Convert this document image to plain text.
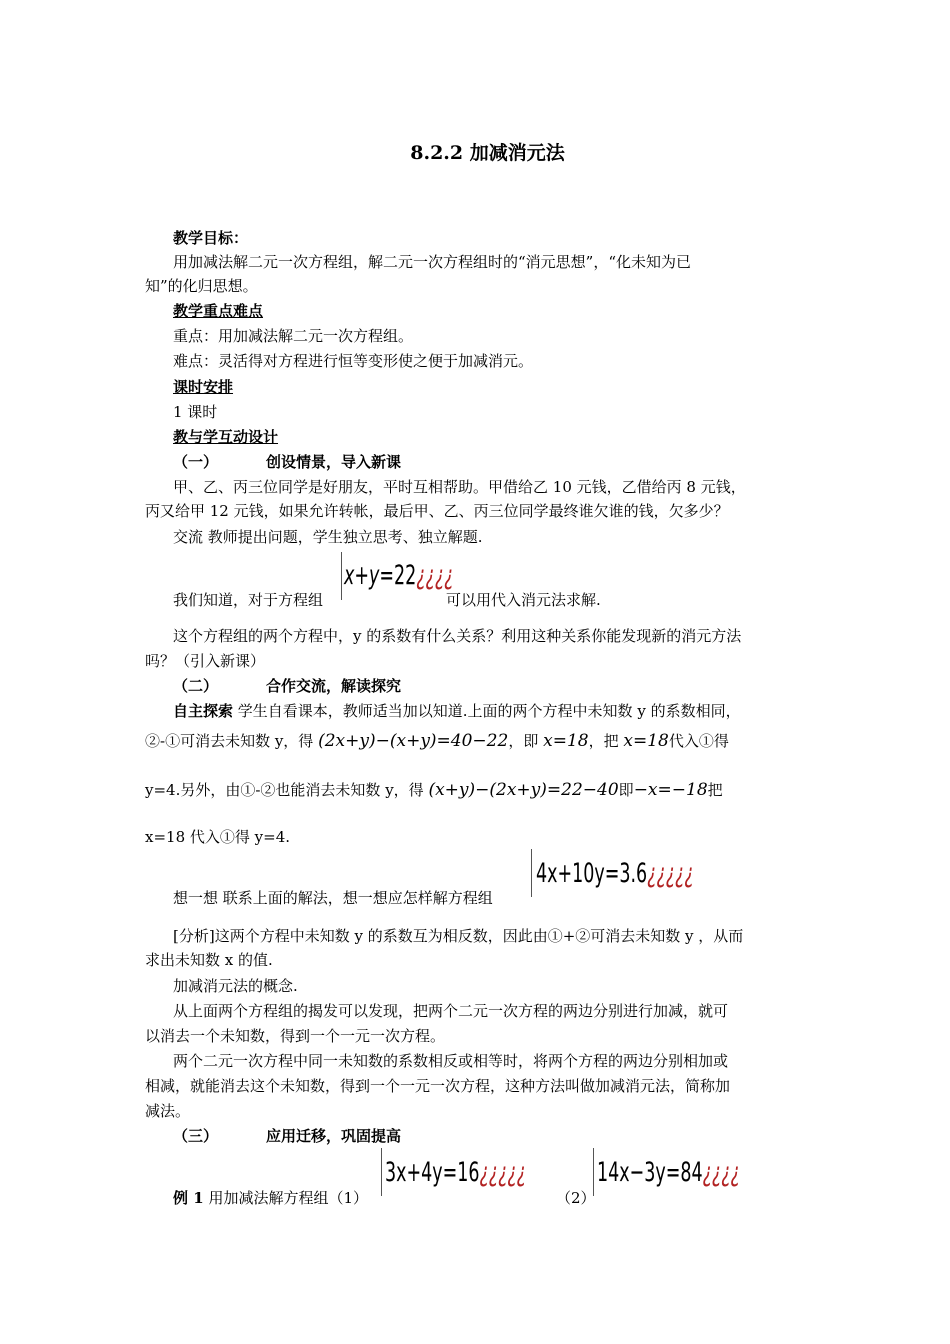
8.2.2 加减消元法
教学目标：
用加减法解二元一次方程组，解二元一次方程组时的“消元思想”，“化未知为已
知”的化归思想。
教学重点难点
重点：用加减法解二元一次方程组。
难点：灵活得对方程进行恒等变形使之便于加减消元。
课时安排
1 课时
教与学互动设计
（一）	创设情景，导入新课
甲、乙、丙三位同学是好朋友，平时互相帮助。甲借给乙 10 元钱，乙借给丙 8 元钱，
丙又给甲 12 元钱，如果允许转帐，最后甲、乙、丙三位同学最终谁欠谁的钱，欠多少？
交流 教师提出问题，学生独立思考、独立解题.
我们知道，对于方程组
x+y=22¿¿¿¿
可以用代入消元法求解.
这个方程组的两个方程中，y 的系数有什么关系？利用这种关系你能发现新的消元方法
吗？（引入新课）
（二）	合作交流，解读探究
自主探索 学生自看课本，教师适当加以知道.上面的两个方程中未知数 y 的系数相同，
②-①可消去未知数 y，得 (2x+y)−(x+y)=40−22，即 x=18，把 x=18代入①得
y=4.另外，由①-②也能消去未知数 y，得 (x+y)−(2x+y)=22−40即−x=−18把
x=18 代入①得 y=4.
想一想 联系上面的解法，想一想应怎样解方程组
4x+10y=3.6¿¿¿¿¿
[分析]这两个方程中未知数 y 的系数互为相反数，因此由①+②可消去未知数 y ，从而
求出未知数 x 的值.
加减消元法的概念.
从上面两个方程组的揭发可以发现，把两个二元一次方程的两边分别进行加减，就可
以消去一个未知数，得到一个一元一次方程。
两个二元一次方程中同一未知数的系数相反或相等时，将两个方程的两边分别相加或
相减，就能消去这个未知数，得到一个一元一次方程，这种方法叫做加减消元法，简称加
减法。
（三）	应用迁移，巩固提高
例 1 用加减法解方程组（1）
3x+4y=16¿¿¿¿¿
（2）
14x−3y=84¿¿¿¿
